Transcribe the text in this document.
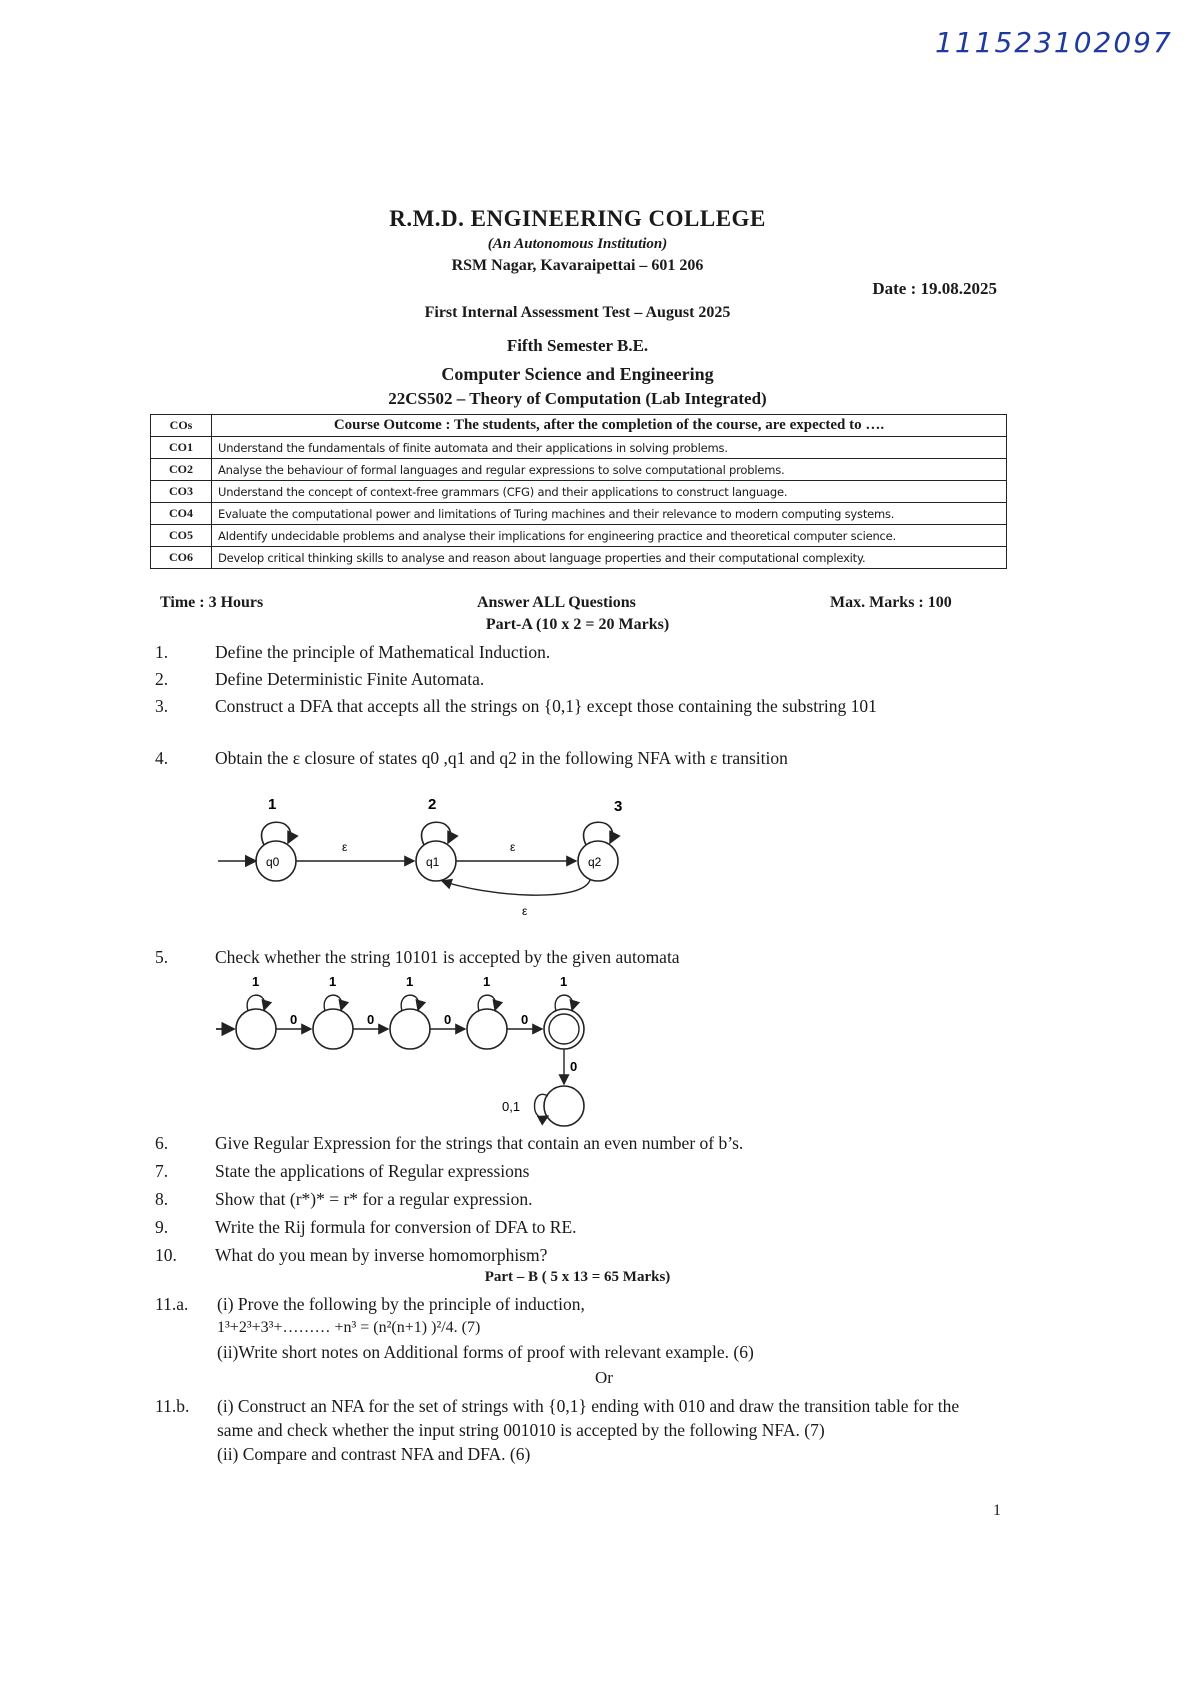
111523102097
R.M.D. ENGINEERING COLLEGE
(An Autonomous Institution)
RSM Nagar, Kavaraipettai – 601 206
Date : 19.08.2025
First Internal Assessment Test – August 2025
Fifth Semester B.E.
Computer Science and Engineering
22CS502 – Theory of Computation (Lab Integrated)
COs	Course Outcome : The students, after the completion of the course, are expected to ….
CO1	Understand the fundamentals of finite automata and their applications in solving problems.
CO2	Analyse the behaviour of formal languages and regular expressions to solve computational problems.
CO3	Understand the concept of context-free grammars (CFG) and their applications to construct language.
CO4	Evaluate the computational power and limitations of Turing machines and their relevance to modern computing systems.
CO5	AIdentify undecidable problems and analyse their implications for engineering practice and theoretical computer science.
CO6	Develop critical thinking skills to analyse and reason about language properties and their computational complexity.
Time : 3 Hours	Answer ALL Questions	Max. Marks : 100
Part-A (10 x 2 = 20 Marks)
1.	Define the principle of Mathematical Induction.
2.	Define Deterministic Finite Automata.
3.	Construct a DFA that accepts all the strings on {0,1} except those containing the substring 101
4.	Obtain the ε closure of states q0 ,q1 and q2 in the following NFA with ε transition
1	2	3
q0	q1	q2
ε	ε
ε
5.	Check whether the string 10101 is accepted by the given automata
1	1	1	1	1
0	0	0	0
0
0,1
6.	Give Regular Expression for the strings that contain an even number of b’s.
7.	State the applications of Regular expressions
8.	Show that (r*)* = r* for a regular expression.
9.	Write the Rij formula for conversion of DFA to RE.
10. What do you mean by inverse homomorphism?
Part – B ( 5 x 13 = 65 Marks)
11.a. (i) Prove the following by the principle of induction,
1³+2³+3³+……… +n³ = (n²(n+1) )²/4. (7)
(ii)Write short notes on Additional forms of proof with relevant example. (6)
Or
11.b. (i) Construct an NFA for the set of strings with {0,1} ending with 010 and draw the transition table for the same and check whether the input string 001010 is accepted by the following NFA. (7)
(ii) Compare and contrast NFA and DFA. (6)
1
